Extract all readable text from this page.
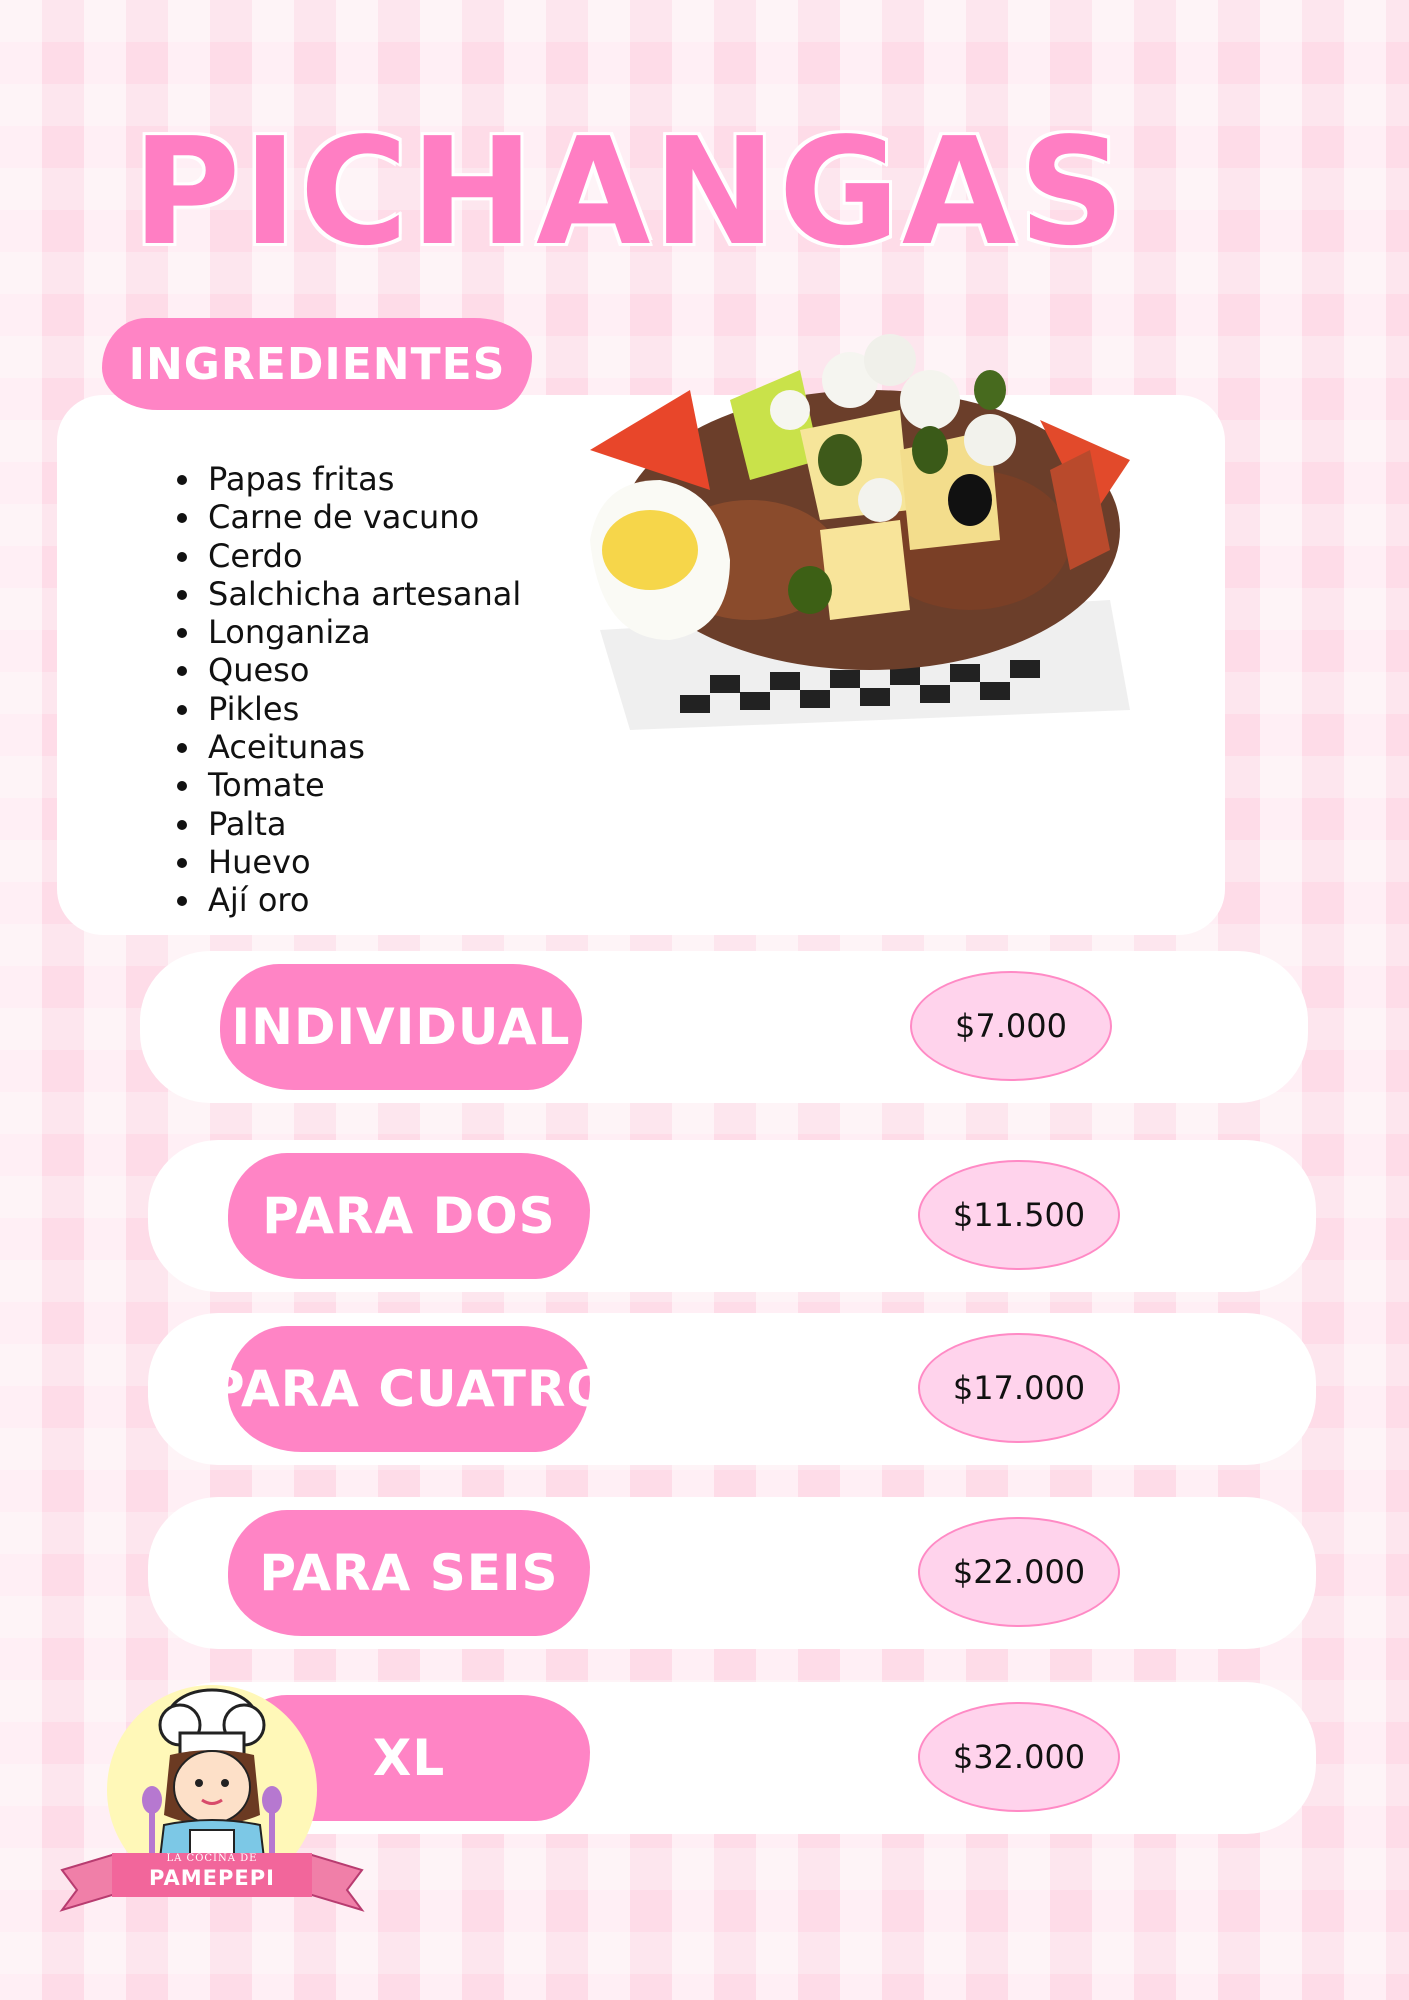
PICHANGAS
INGREDIENTES
• Papas fritas
• Carne de vacuno
• Cerdo
• Salchicha artesanal
• Longaniza
• Queso
• Pikles
• Aceitunas
• Tomate
• Palta
• Huevo
• Ají oro
INDIVIDUAL	$7.000
PARA DOS	$11.500
PARA CUATRO	$17.000
PARA SEIS	$22.000
XL	$32.000
LA COCINA DE
PAMEPEPI
